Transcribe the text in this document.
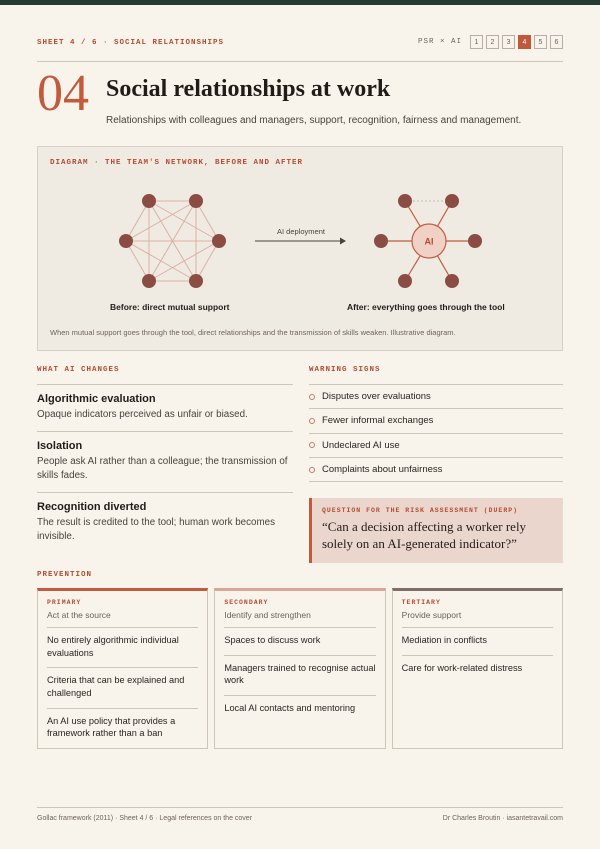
SHEET 4 / 6 · SOCIAL RELATIONSHIPS	PSR × AI	1	2	3	4	5	6
04 Social relationships at work

Relationships with colleagues and managers, support, recognition, fairness and management.

DIAGRAM · THE TEAM'S NETWORK, BEFORE AND AFTER
AI deployment
AI
Before: direct mutual support	After: everything goes through the tool
When mutual support goes through the tool, direct relationships and the transmission of skills weaken. Illustrative diagram.
WHAT AI CHANGES
Algorithmic evaluation

Opaque indicators perceived as unfair or biased.

Isolation

People ask AI rather than a colleague; the transmission of skills fades.

Recognition diverted

The result is credited to the tool; human work becomes invisible.

WARNING SIGNS
Disputes over evaluations
Fewer informal exchanges
Undeclared AI use
Complaints about unfairness
QUESTION FOR THE RISK ASSESSMENT (DUERP)

“Can a decision affecting a worker rely solely on an AI-generated indicator?”

PREVENTION
PRIMARY
Act at the source
No entirely algorithmic individual evaluations
Criteria that can be explained and challenged
An AI use policy that provides a framework rather than a ban
SECONDARY
Identify and strengthen
Spaces to discuss work
Managers trained to recognise actual work
Local AI contacts and mentoring
TERTIARY
Provide support
Mediation in conflicts
Care for work-related distress
Gollac framework (2011) · Sheet 4 / 6 · Legal references on the cover	Dr Charles Broutin · iasantetravail.com
